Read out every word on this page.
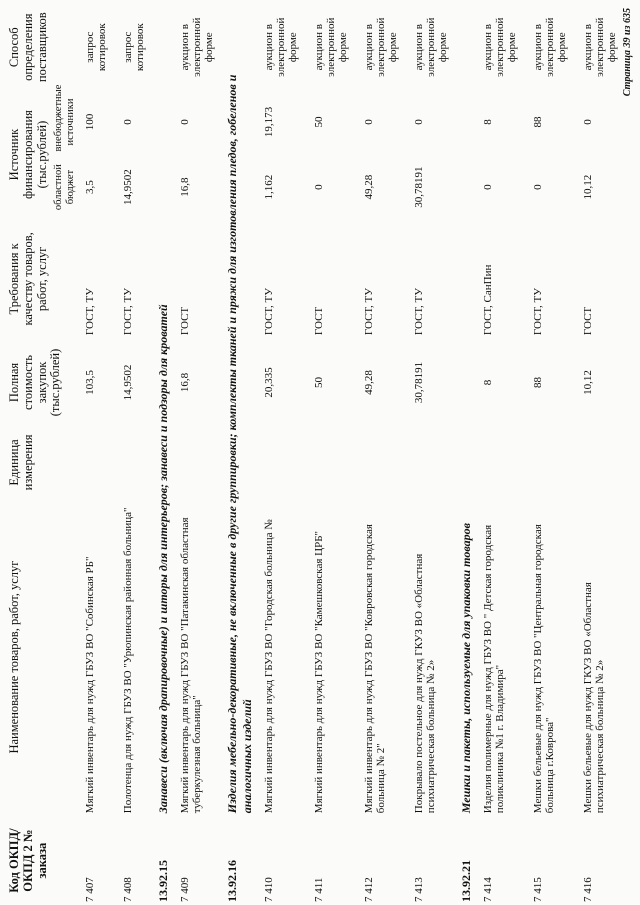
Код ОКПД/ ОКПД 2 № заказа	Наименование товаров, работ, услуг	Единица измерения	Полная стоимость закупок (тыс.рублей)	Требования к качеству товаров, работ, услуг	Источник финансирования (тыс.рублей)		Способ определения поставщиков
					областной бюджет	внебюджетные источники	
7 407	Мягкий инвентарь для нужд ГБУЗ ВО "Собинская РБ"		103,5	ГОСТ, ТУ	3,5	100	запрос котировок
7 408	Полотенца для нужд ГБУЗ ВО "Урюпинская районная больница"		14,9502	ГОСТ, ТУ	14,9502	0	запрос котировок
13.92.15	Занавеси (включая драпировочные) и шторы для интерьеров; занавеси и подзоры для кроватей						
7 409	Мягкий инвентарь для нужд ГБУЗ ВО "Патакинская областная туберкулезная больница"		16,8	ГОСТ	16,8	0	аукцион в электронной форме
13.92.16	Изделия мебельно-декоративные, не включенные в другие группировки; комплекты тканей и пряжи для изготовления пледов, гобеленов и аналогичных изделий						
7 410	Мягкий инвентарь для нужд ГБУЗ ВО "Городская больница №		20,335	ГОСТ, ТУ	1,162	19,173	аукцион в электронной форме
7 411	Мягкий инвентарь для нужд ГБУЗ ВО "Камешковская ЦРБ"		50	ГОСТ	0	50	аукцион в электронной форме
7 412	Мягкий инвентарь для нужд ГБУЗ ВО "Ковровская городская больница № 2"		49,28	ГОСТ, ТУ	49,28	0	аукцион в электронной форме
7 413	Покрывало постельное для нужд ГКУЗ ВО «Областная психиатрическая больница № 2»		30,78191	ГОСТ, ТУ	30,78191	0	аукцион в электронной форме
13.92.21	Мешки и пакеты, используемые для упаковки товаров						
7 414	Изделия полимерные для нужд ГБУЗ ВО " Детская городская поликлиника №1 г. Владимира"		8	ГОСТ, СанПин	0	8	аукцион в электронной форме
7 415	Мешки бельевые для нужд ГБУЗ ВО "Центральная городская больница г.Коврова"		88	ГОСТ, ТУ	0	88	аукцион в электронной форме
7 416	Мешки бельевые для нужд ГКУЗ ВО «Областная психиатрическая больница № 2»		10,12	ГОСТ	10,12	0	аукцион в электронной форме Страница 39 из 635
